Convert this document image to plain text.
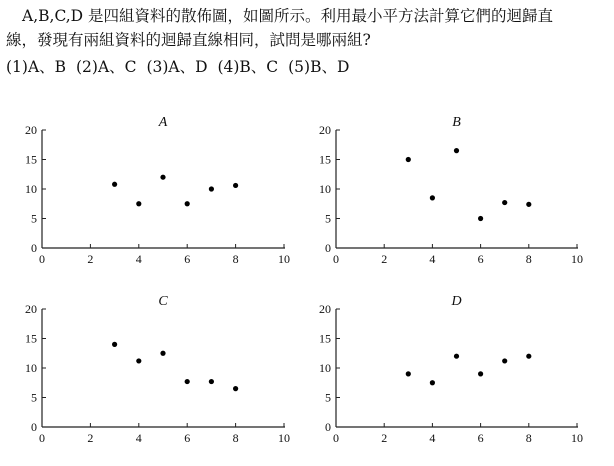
A,B,C,D 是四組資料的散佈圖，如圖所示。利用最小平方法計算它們的迴歸直
線，發現有兩組資料的迴歸直線相同，試問是哪兩組?
(1)A、B (2)A、C (3)A、D (4)B、C (5)B、D
0	2	4	6	8	10
0
5
10
15
20	A
0	2	4	6	8	10
0
5
10
15
20	B
0	2	4	6	8	10
0
5
10
15
20	C
0	2	4	6	8	10
0
5
10
15
20	D
